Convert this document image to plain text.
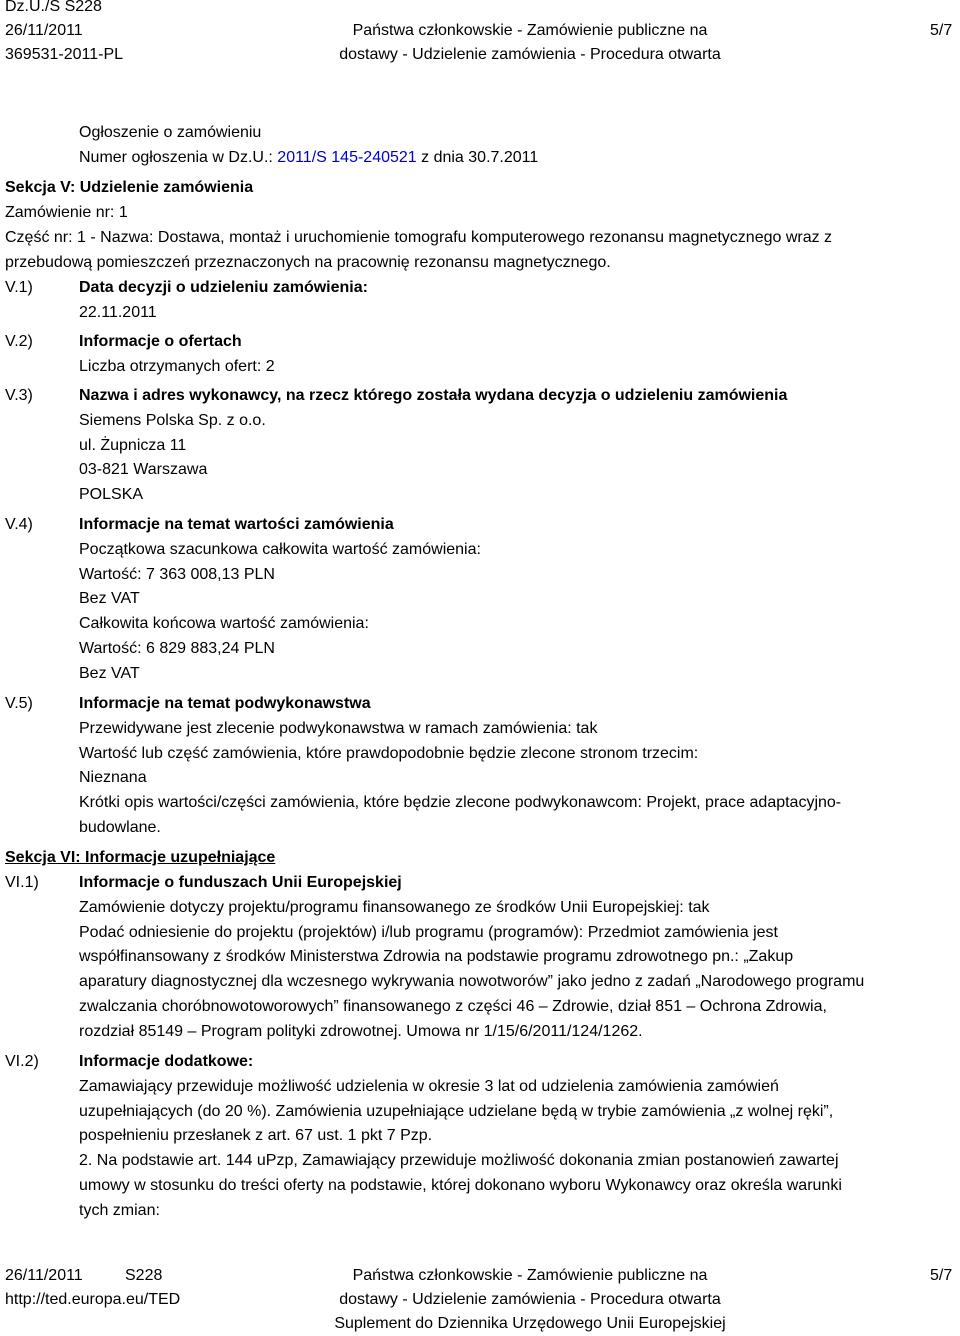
Dz.U./S S228
26/11/2011
369531-2011-PL
Państwa członkowskie - Zamówienie publiczne na
dostawy - Udzielenie zamówienia - Procedura otwarta
5/7
Ogłoszenie o zamówieniu
Numer ogłoszenia w Dz.U.: 2011/S 145-240521 z dnia 30.7.2011
Sekcja V: Udzielenie zamówienia
Zamówienie nr: 1
Część nr: 1 - Nazwa: Dostawa, montaż i uruchomienie tomografu komputerowego rezonansu magnetycznego wraz z
przebudową pomieszczeń przeznaczonych na pracownię rezonansu magnetycznego.
V.1)	Data decyzji o udzieleniu zamówienia:
22.11.2011
V.2)	Informacje o ofertach
Liczba otrzymanych ofert: 2
V.3)	Nazwa i adres wykonawcy, na rzecz którego została wydana decyzja o udzieleniu zamówienia
Siemens Polska Sp. z o.o.
ul. Żupnicza 11
03-821 Warszawa
POLSKA
V.4)	Informacje na temat wartości zamówienia
Początkowa szacunkowa całkowita wartość zamówienia:
Wartość: 7 363 008,13 PLN
Bez VAT
Całkowita końcowa wartość zamówienia:
Wartość: 6 829 883,24 PLN
Bez VAT
V.5)	Informacje na temat podwykonawstwa
Przewidywane jest zlecenie podwykonawstwa w ramach zamówienia: tak
Wartość lub część zamówienia, które prawdopodobnie będzie zlecone stronom trzecim:
Nieznana
Krótki opis wartości/części zamówienia, które będzie zlecone podwykonawcom: Projekt, prace adaptacyjno-
budowlane.
Sekcja VI: Informacje uzupełniające
VI.1)	Informacje o funduszach Unii Europejskiej
Zamówienie dotyczy projektu/programu finansowanego ze środków Unii Europejskiej: tak
Podać odniesienie do projektu (projektów) i/lub programu (programów): Przedmiot zamówienia jest
współfinansowany z środków Ministerstwa Zdrowia na podstawie programu zdrowotnego pn.: „Zakup
aparatury diagnostycznej dla wczesnego wykrywania nowotworów” jako jedno z zadań „Narodowego programu
zwalczania choróbnowotoworowych” finansowanego z części 46 – Zdrowie, dział 851 – Ochrona Zdrowia,
rozdział 85149 – Program polityki zdrowotnej. Umowa nr 1/15/6/2011/124/1262.
VI.2)	Informacje dodatkowe:
Zamawiający przewiduje możliwość udzielenia w okresie 3 lat od udzielenia zamówienia zamówień
uzupełniających (do 20 %). Zamówienia uzupełniające udzielane będą w trybie zamówienia „z wolnej ręki”,
pospełnieniu przesłanek z art. 67 ust. 1 pkt 7 Pzp.
2. Na podstawie art. 144 uPzp, Zamawiający przewiduje możliwość dokonania zmian postanowień zawartej
umowy w stosunku do treści oferty na podstawie, której dokonano wyboru Wykonawcy oraz określa warunki
tych zmian:
26/11/2011	S228
http://ted.europa.eu/TED
Państwa członkowskie - Zamówienie publiczne na
dostawy - Udzielenie zamówienia - Procedura otwarta
Suplement do Dziennika Urzędowego Unii Europejskiej
5/7
